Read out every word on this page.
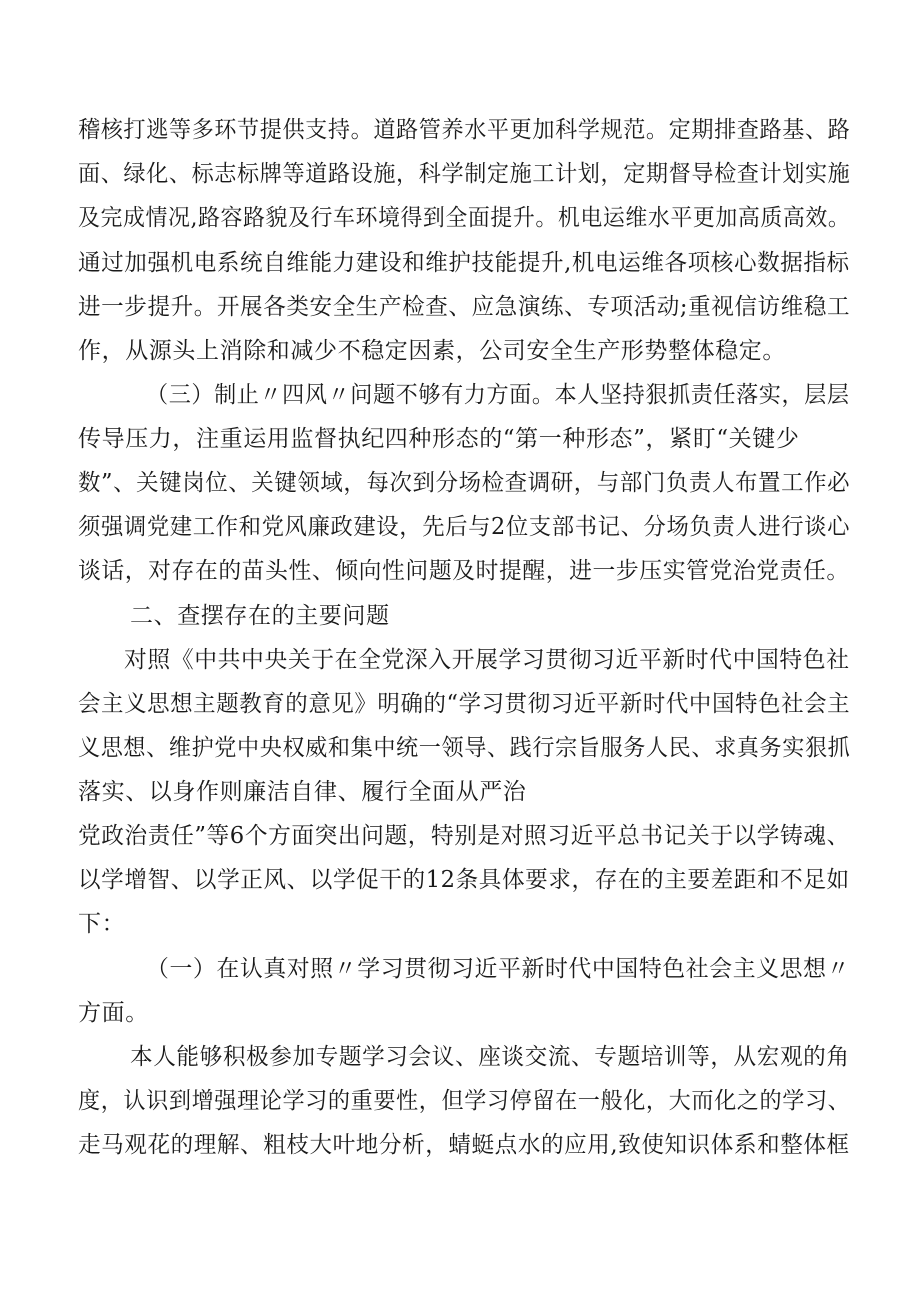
稽核打逃等多环节提供支持。道路管养水平更加科学规范。定期排查路基、路
面、绿化、标志标牌等道路设施，科学制定施工计划，定期督导检查计划实施
及完成情况,路容路貌及行车环境得到全面提升。机电运维水平更加高质高效。
通过加强机电系统自维能力建设和维护技能提升,机电运维各项核心数据指标
进一步提升。开展各类安全生产检查、应急演练、专项活动;重视信访维稳工
作，从源头上消除和减少不稳定因素，公司安全生产形势整体稳定。
（三）制止〃四风〃问题不够有力方面。本人坚持狠抓责任落实，层层
传导压力，注重运用监督执纪四种形态的“第一种形态”，紧盯“关键少
数”、关键岗位、关键领域，每次到分场检查调研，与部门负责人布置工作必
须强调党建工作和党风廉政建设，先后与2位支部书记、分场负责人进行谈心
谈话，对存在的苗头性、倾向性问题及时提醒，进一步压实管党治党责任。
二、查摆存在的主要问题
对照《中共中央关于在全党深入开展学习贯彻习近平新时代中国特色社
会主义思想主题教育的意见》明确的“学习贯彻习近平新时代中国特色社会主
义思想、维护党中央权威和集中统一领导、践行宗旨服务人民、求真务实狠抓
落实、以身作则廉洁自律、履行全面从严治
党政治责任”等6个方面突出问题，特别是对照习近平总书记关于以学铸魂、
以学增智、以学正风、以学促干的12条具体要求，存在的主要差距和不足如
下：
（一）在认真对照〃学习贯彻习近平新时代中国特色社会主义思想〃
方面。
本人能够积极参加专题学习会议、座谈交流、专题培训等，从宏观的角
度，认识到增强理论学习的重要性，但学习停留在一般化，大而化之的学习、
走马观花的理解、粗枝大叶地分析，蜻蜓点水的应用,致使知识体系和整体框
